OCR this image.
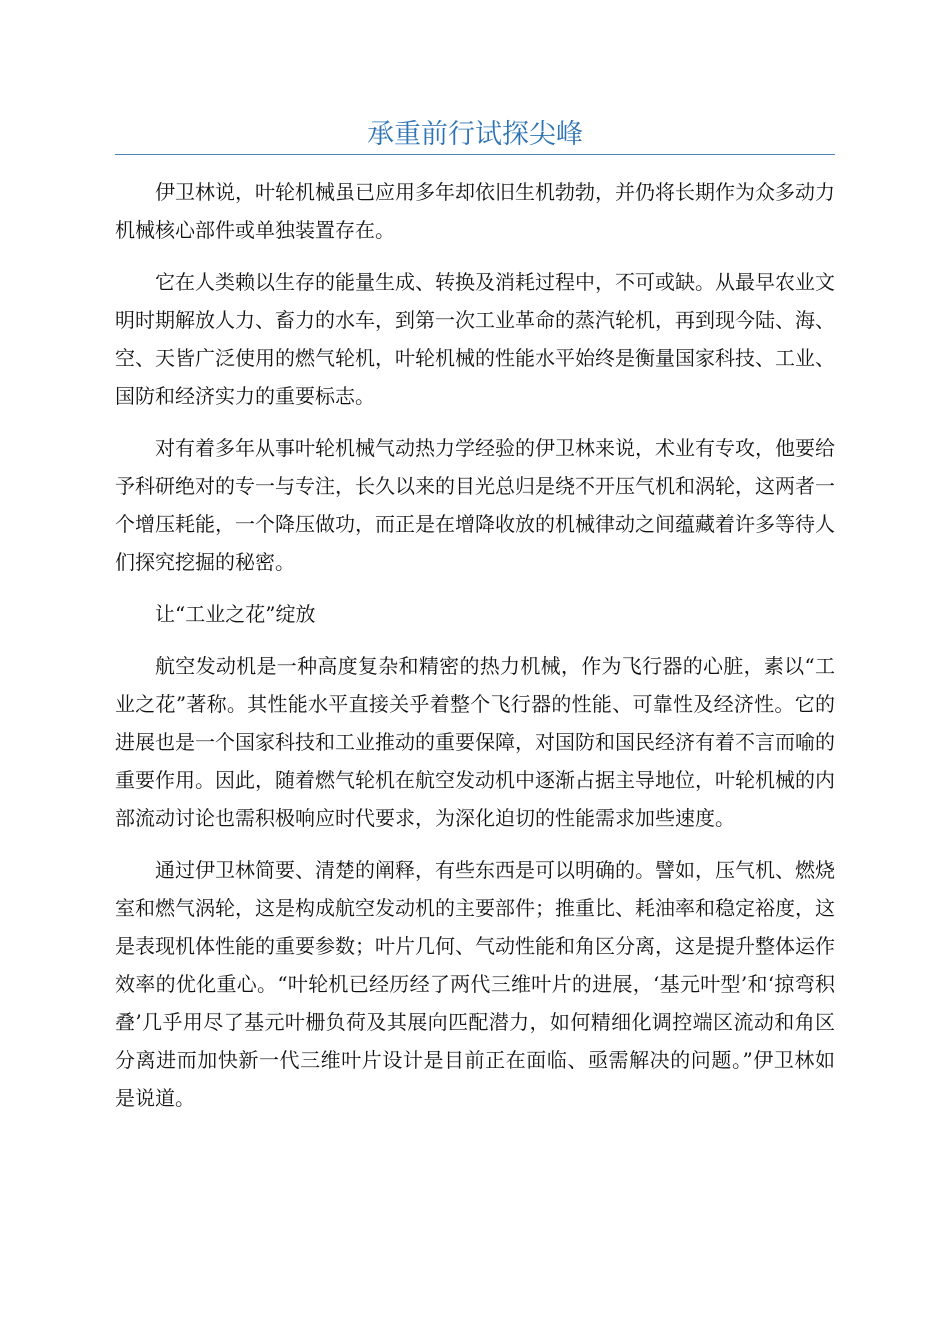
承重前行试探尖峰

伊卫林说，叶轮机械虽已应用多年却依旧生机勃勃，并仍将长期作为众多动力机械核心部件或单独装置存在。

它在人类赖以生存的能量生成、转换及消耗过程中，不可或缺。从最早农业文明时期解放人力、畜力的水车，到第一次工业革命的蒸汽轮机，再到现今陆、海、空、天皆广泛使用的燃气轮机，叶轮机械的性能水平始终是衡量国家科技、工业、国防和经济实力的重要标志。

对有着多年从事叶轮机械气动热力学经验的伊卫林来说，术业有专攻，他要给予科研绝对的专一与专注，长久以来的目光总归是绕不开压气机和涡轮，这两者一个增压耗能，一个降压做功，而正是在增降收放的机械律动之间蕴藏着许多等待人们探究挖掘的秘密。

让“工业之花”绽放

航空发动机是一种高度复杂和精密的热力机械，作为飞行器的心脏，素以“工业之花”著称。其性能水平直接关乎着整个飞行器的性能、可靠性及经济性。它的进展也是一个国家科技和工业推动的重要保障，对国防和国民经济有着不言而喻的重要作用。因此，随着燃气轮机在航空发动机中逐渐占据主导地位，叶轮机械的内部流动讨论也需积极响应时代要求，为深化迫切的性能需求加些速度。

通过伊卫林简要、清楚的阐释，有些东西是可以明确的。譬如，压气机、燃烧室和燃气涡轮，这是构成航空发动机的主要部件；推重比、耗油率和稳定裕度，这是表现机体性能的重要参数；叶片几何、气动性能和角区分离，这是提升整体运作效率的优化重心。“叶轮机已经历经了两代三维叶片的进展，‘基元叶型’和‘掠弯积叠’几乎用尽了基元叶栅负荷及其展向匹配潜力，如何精细化调控端区流动和角区分离进而加快新一代三维叶片设计是目前正在面临、亟需解决的问题。”伊卫林如是说道。
